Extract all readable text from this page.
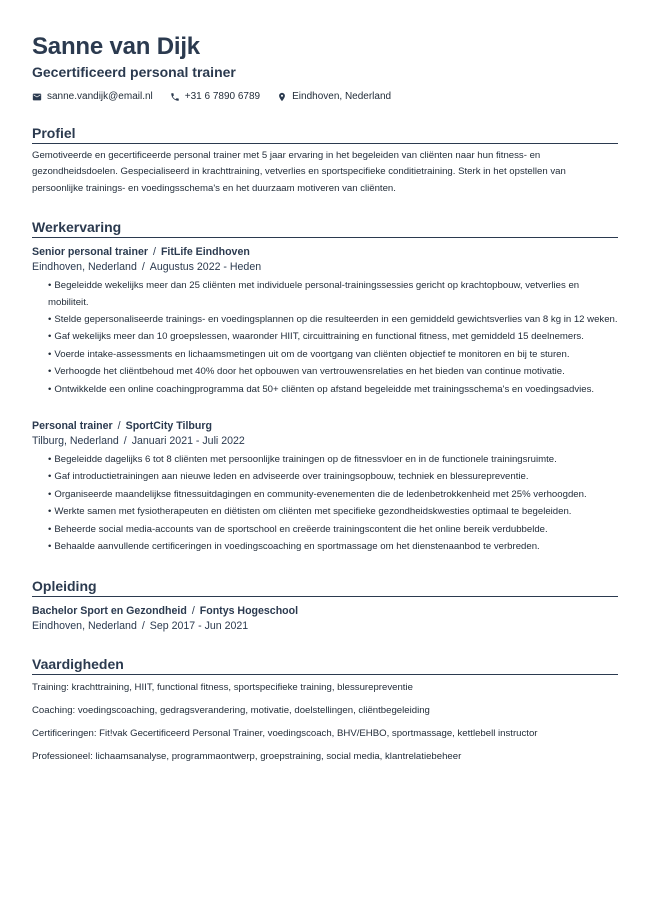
Sanne van Dijk
Gecertificeerd personal trainer
sanne.vandijk@email.nl	+31 6 7890 6789	Eindhoven, Nederland
Profiel

Gemotiveerde en gecertificeerde personal trainer met 5 jaar ervaring in het begeleiden van cliënten naar hun fitness- en gezondheidsdoelen. Gespecialiseerd in krachttraining, vetverlies en sportspecifieke conditietraining. Sterk in het opstellen van persoonlijke trainings- en voedingsschema's en het duurzaam motiveren van cliënten.

Werkervaring
Senior personal trainer / FitLife Eindhoven
Eindhoven, Nederland / Augustus 2022 - Heden
• Begeleidde wekelijks meer dan 25 cliënten met individuele personal-trainingssessies gericht op krachtopbouw, vetverlies en mobiliteit.
• Stelde gepersonaliseerde trainings- en voedingsplannen op die resulteerden in een gemiddeld gewichtsverlies van 8 kg in 12 weken.
• Gaf wekelijks meer dan 10 groepslessen, waaronder HIIT, circuittraining en functional fitness, met gemiddeld 15 deelnemers.
• Voerde intake-assessments en lichaamsmetingen uit om de voortgang van cliënten objectief te monitoren en bij te sturen.
• Verhoogde het cliëntbehoud met 40% door het opbouwen van vertrouwensrelaties en het bieden van continue motivatie.
• Ontwikkelde een online coachingprogramma dat 50+ cliënten op afstand begeleidde met trainingsschema's en voedingsadvies.
Personal trainer / SportCity Tilburg
Tilburg, Nederland / Januari 2021 - Juli 2022
• Begeleidde dagelijks 6 tot 8 cliënten met persoonlijke trainingen op de fitnessvloer en in de functionele trainingsruimte.
• Gaf introductietrainingen aan nieuwe leden en adviseerde over trainingsopbouw, techniek en blessurepreventie.
• Organiseerde maandelijkse fitnessuitdagingen en community-evenementen die de ledenbetrokkenheid met 25% verhoogden.
• Werkte samen met fysiotherapeuten en diëtisten om cliënten met specifieke gezondheidskwesties optimaal te begeleiden.
• Beheerde social media-accounts van de sportschool en creëerde trainingscontent die het online bereik verdubbelde.
• Behaalde aanvullende certificeringen in voedingscoaching en sportmassage om het dienstenaanbod te verbreden.
Opleiding
Bachelor Sport en Gezondheid / Fontys Hogeschool
Eindhoven, Nederland / Sep 2017 - Jun 2021
Vaardigheden

Training: krachttraining, HIIT, functional fitness, sportspecifieke training, blessurepreventie

Coaching: voedingscoaching, gedragsverandering, motivatie, doelstellingen, cliëntbegeleiding

Certificeringen: Fit!vak Gecertificeerd Personal Trainer, voedingscoach, BHV/EHBO, sportmassage, kettlebell instructor

Professioneel: lichaamsanalyse, programmaontwerp, groepstraining, social media, klantrelatiebeheer
